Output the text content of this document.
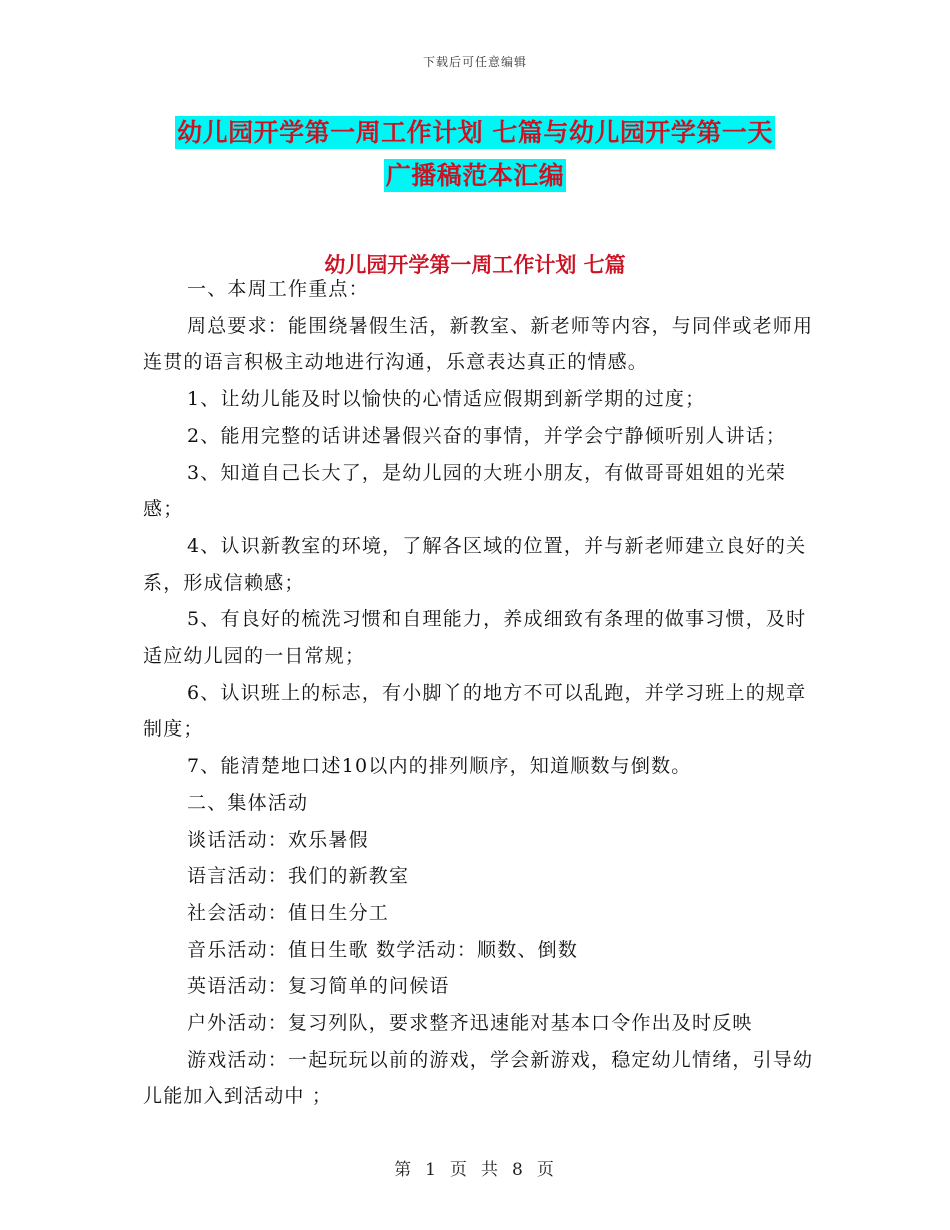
下载后可任意编辑
幼儿园开学第一周工作计划 七篇与幼儿园开学第一天
广播稿范本汇编
幼儿园开学第一周工作计划 七篇

一、本周工作重点：

周总要求：能围绕暑假生活，新教室、新老师等内容，与同伴或老师用连贯的语言积极主动地进行沟通，乐意表达真正的情感。

1、让幼儿能及时以愉快的心情适应假期到新学期的过度；

2、能用完整的话讲述暑假兴奋的事情，并学会宁静倾听别人讲话；

3、知道自己长大了，是幼儿园的大班小朋友，有做哥哥姐姐的光荣感；

4、认识新教室的环境，了解各区域的位置，并与新老师建立良好的关系，形成信赖感；

5、有良好的梳洗习惯和自理能力，养成细致有条理的做事习惯，及时适应幼儿园的一日常规；

6、认识班上的标志，有小脚丫的地方不可以乱跑，并学习班上的规章制度；

7、能清楚地口述10以内的排列顺序，知道顺数与倒数。

二、集体活动

谈话活动：欢乐暑假

语言活动：我们的新教室

社会活动：值日生分工

音乐活动：值日生歌 数学活动：顺数、倒数

英语活动：复习简单的问候语

户外活动：复习列队，要求整齐迅速能对基本口令作出及时反映

游戏活动：一起玩玩以前的游戏，学会新游戏，稳定幼儿情绪，引导幼儿能加入到活动中 ；

第 1 页 共 8 页
